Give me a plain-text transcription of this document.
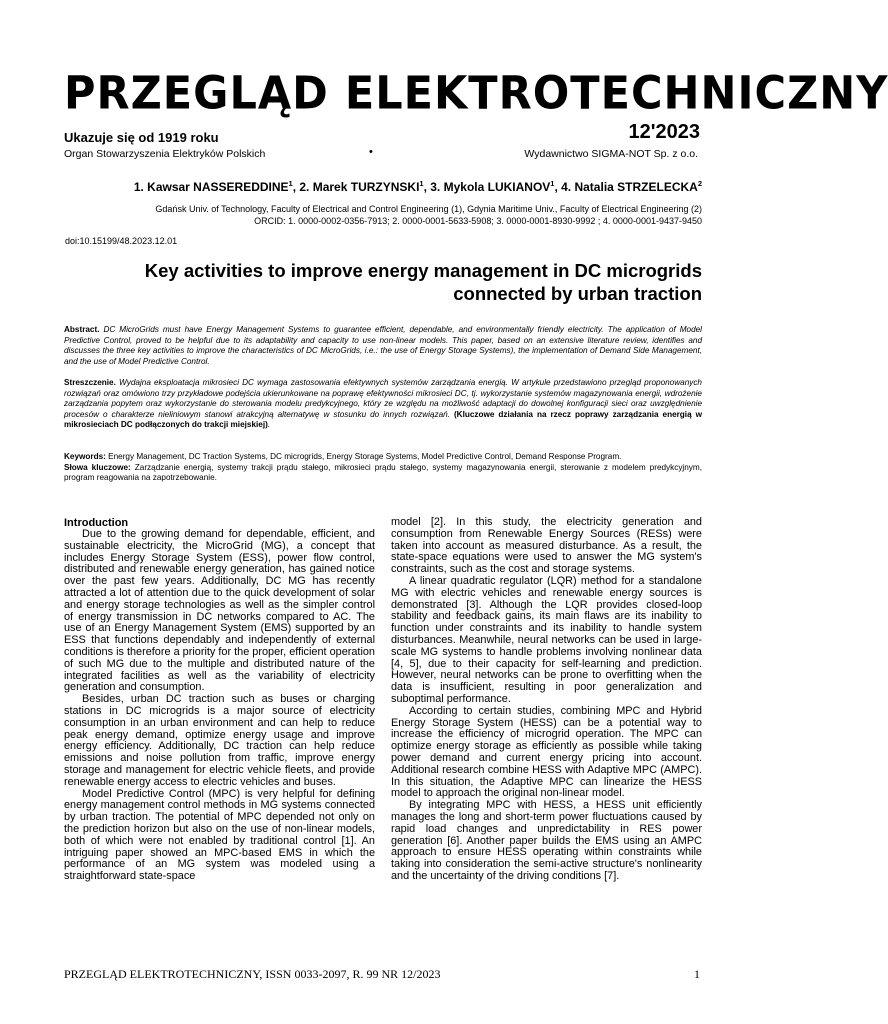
PRZEGLĄD ELEKTROTECHNICZNY
Ukazuje się od 1919 roku	12'2023
Organ Stowarzyszenia Elektryków Polskich	•	Wydawnictwo SIGMA-NOT Sp. z o.o.
1. Kawsar NASSEREDDINE$^1$, 2. Marek TURZYNSKI$^1$, 3. Mykola LUKIANOV$^1$, 4. Natalia STRZELECKA$^2$
Gdańsk Univ. of Technology, Faculty of Electrical and Control Engineering (1), Gdynia Maritime Univ., Faculty of Electrical Engineering (2)
ORCID: 1. 0000-0002-0356-7913; 2. 0000-0001-5633-5908; 3. 0000-0001-8930-9992 ; 4. 0000-0001-9437-9450
doi:10.15199/48.2023.12.01
Key activities to improve energy management in DC microgrids
connected by urban traction
Abstract. DC MicroGrids must have Energy Management Systems to guarantee efficient, dependable, and environmentally friendly electricity. The application of Model Predictive Control, proved to be helpful due to its adaptability and capacity to use non-linear models. This paper, based on an extensive literature review, identifies and discusses the three key activities to improve the characteristics of DC MicroGrids, i.e.: the use of Energy Storage Systems), the implementation of Demand Side Management, and the use of Model Predictive Control.
Streszczenie. Wydajna eksploatacja mikrosieci DC wymaga zastosowania efektywnych systemów zarządzania energią. W artykule przedstawiono przegląd proponowanych rozwiązań oraz omówiono trzy przykładowe podejścia ukierunkowane na poprawę efektywności mikrosieci DC, tj. wykorzystanie systemów magazynowania energii, wdrożenie zarządzania popytem oraz wykorzystanie do sterowania modelu predykcyjnego, który ze względu na możliwość adaptacji do dowolnej konfiguracji sieci oraz uwzględnienie procesów o charakterze nieliniowym stanowi atrakcyjną alternatywę w stosunku do innych rozwiązań. (Kluczowe działania na rzecz poprawy zarządzania energią w mikrosieciach DC podłączonych do trakcji miejskiej).
Keywords: Energy Management, DC Traction Systems, DC microgrids, Energy Storage Systems, Model Predictive Control, Demand Response Program.
Słowa kluczowe: Zarządzanie energią, systemy trakcji prądu stałego, mikrosieci prądu stałego, systemy magazynowania energii, sterowanie z modelem predykcyjnym, program reagowania na zapotrzebowanie.
Introduction

Due to the growing demand for dependable, efficient, and sustainable electricity, the MicroGrid (MG), a concept that includes Energy Storage System (ESS), power flow control, distributed and renewable energy generation, has gained notice over the past few years. Additionally, DC MG has recently attracted a lot of attention due to the quick development of solar and energy storage technologies as well as the simpler control of energy transmission in DC networks compared to AC. The use of an Energy Management System (EMS) supported by an ESS that functions dependably and independently of external conditions is therefore a priority for the proper, efficient operation of such MG due to the multiple and distributed nature of the integrated facilities as well as the variability of electricity generation and consumption.

Besides, urban DC traction such as buses or charging stations in DC microgrids is a major source of electricity consumption in an urban environment and can help to reduce peak energy demand, optimize energy usage and improve energy efficiency. Additionally, DC traction can help reduce emissions and noise pollution from traffic, improve energy storage and management for electric vehicle fleets, and provide renewable energy access to electric vehicles and buses.

Model Predictive Control (MPC) is very helpful for defining energy management control methods in MG systems connected by urban traction. The potential of MPC depended not only on the prediction horizon but also on the use of non-linear models, both of which were not enabled by traditional control [1]. An intriguing paper showed an MPC-based EMS in which the performance of an MG system was modeled using a straightforward state-space

model [2]. In this study, the electricity generation and consumption from Renewable Energy Sources (RESs) were taken into account as measured disturbance. As a result, the state-space equations were used to answer the MG system's constraints, such as the cost and storage systems.

A linear quadratic regulator (LQR) method for a standalone MG with electric vehicles and renewable energy sources is demonstrated [3]. Although the LQR provides closed-loop stability and feedback gains, its main flaws are its inability to function under constraints and its inability to handle system disturbances. Meanwhile, neural networks can be used in large-scale MG systems to handle problems involving nonlinear data [4, 5], due to their capacity for self-learning and prediction. However, neural networks can be prone to overfitting when the data is insufficient, resulting in poor generalization and suboptimal performance.

According to certain studies, combining MPC and Hybrid Energy Storage System (HESS) can be a potential way to increase the efficiency of microgrid operation. The MPC can optimize energy storage as efficiently as possible while taking power demand and current energy pricing into account. Additional research combine HESS with Adaptive MPC (AMPC). In this situation, the Adaptive MPC can linearize the HESS model to approach the original non-linear model.

By integrating MPC with HESS, a HESS unit efficiently manages the long and short-term power fluctuations caused by rapid load changes and unpredictability in RES power generation [6]. Another paper builds the EMS using an AMPC approach to ensure HESS operating within constraints while taking into consideration the semi-active structure's nonlinearity and the uncertainty of the driving conditions [7].

PRZEGLĄD ELEKTROTECHNICZNY, ISSN 0033-2097, R. 99 NR 12/2023	1
